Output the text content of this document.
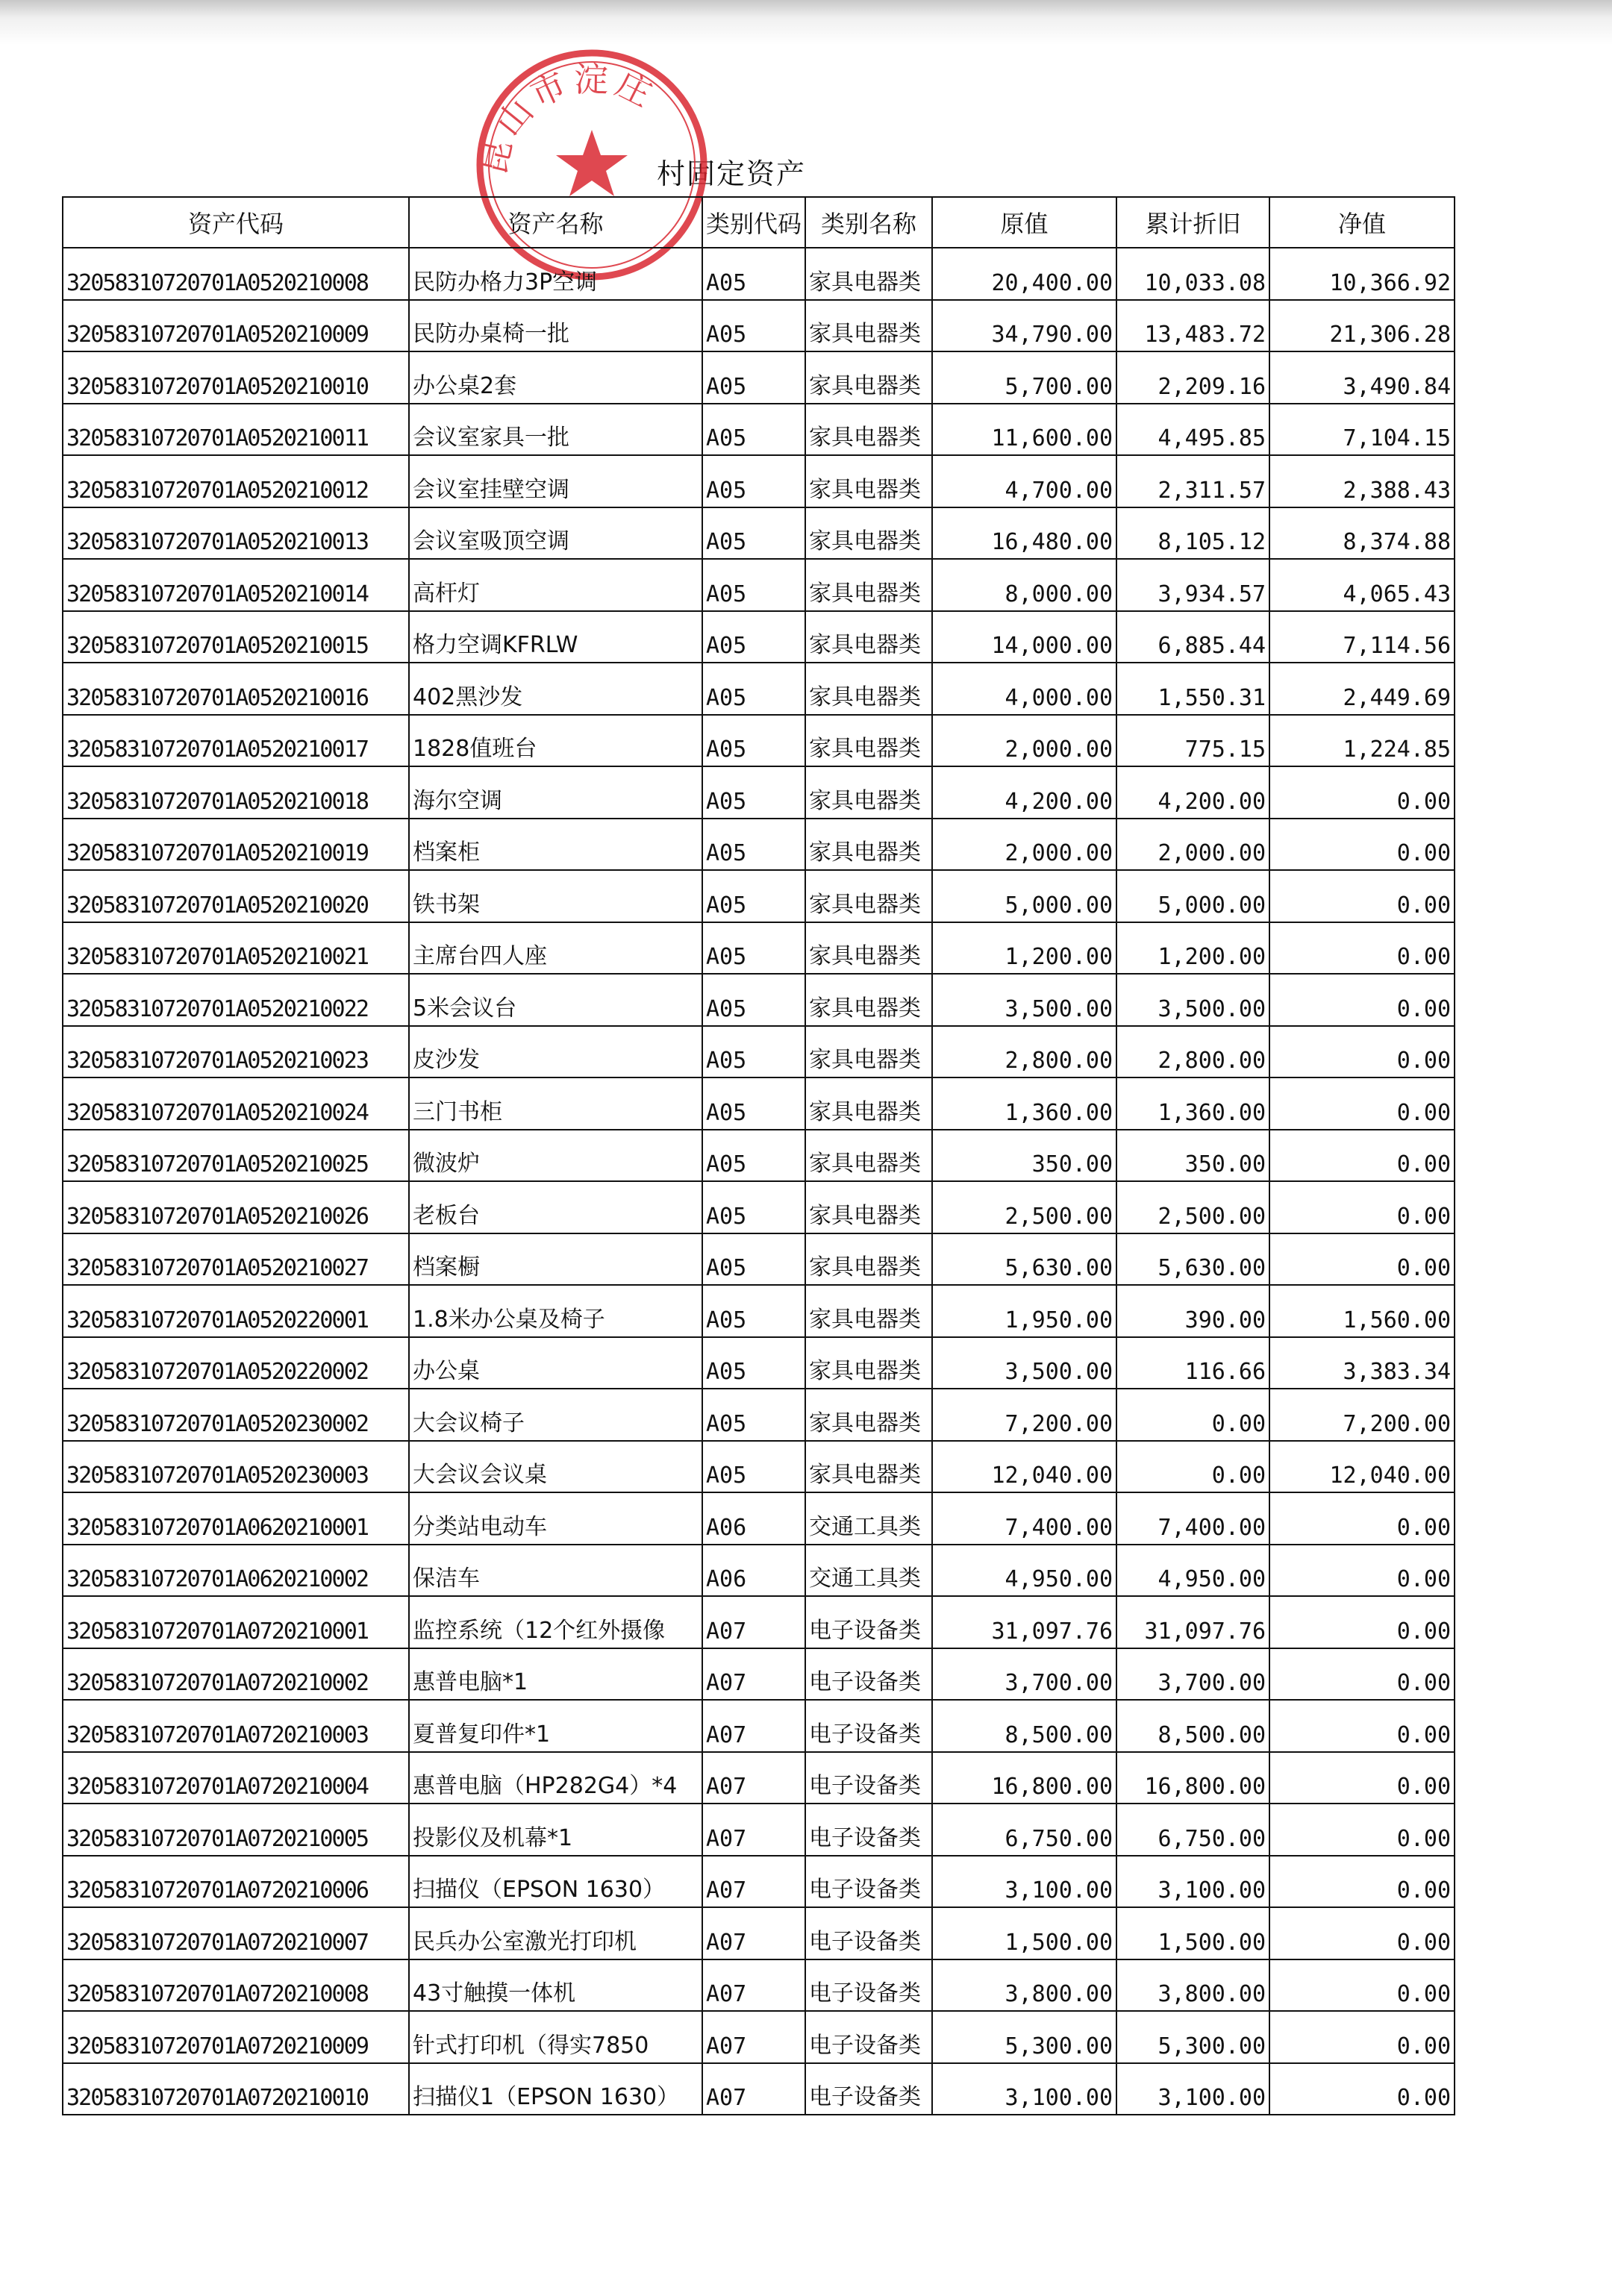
村固定资产
昆山市淀庄
资产代码	资产名称	类别代码	类别名称	原值	累计折旧	净值
32058310720701A0520210008	民防办格力3P空调	A05	家具电器类	20,400.00	10,033.08	10,366.92
32058310720701A0520210009	民防办桌椅一批	A05	家具电器类	34,790.00	13,483.72	21,306.28
32058310720701A0520210010	办公桌2套	A05	家具电器类	5,700.00	2,209.16	3,490.84
32058310720701A0520210011	会议室家具一批	A05	家具电器类	11,600.00	4,495.85	7,104.15
32058310720701A0520210012	会议室挂壁空调	A05	家具电器类	4,700.00	2,311.57	2,388.43
32058310720701A0520210013	会议室吸顶空调	A05	家具电器类	16,480.00	8,105.12	8,374.88
32058310720701A0520210014	高杆灯	A05	家具电器类	8,000.00	3,934.57	4,065.43
32058310720701A0520210015	格力空调KFRLW	A05	家具电器类	14,000.00	6,885.44	7,114.56
32058310720701A0520210016	402黑沙发	A05	家具电器类	4,000.00	1,550.31	2,449.69
32058310720701A0520210017	1828值班台	A05	家具电器类	2,000.00	775.15	1,224.85
32058310720701A0520210018	海尔空调	A05	家具电器类	4,200.00	4,200.00	0.00
32058310720701A0520210019	档案柜	A05	家具电器类	2,000.00	2,000.00	0.00
32058310720701A0520210020	铁书架	A05	家具电器类	5,000.00	5,000.00	0.00
32058310720701A0520210021	主席台四人座	A05	家具电器类	1,200.00	1,200.00	0.00
32058310720701A0520210022	5米会议台	A05	家具电器类	3,500.00	3,500.00	0.00
32058310720701A0520210023	皮沙发	A05	家具电器类	2,800.00	2,800.00	0.00
32058310720701A0520210024	三门书柜	A05	家具电器类	1,360.00	1,360.00	0.00
32058310720701A0520210025	微波炉	A05	家具电器类	350.00	350.00	0.00
32058310720701A0520210026	老板台	A05	家具电器类	2,500.00	2,500.00	0.00
32058310720701A0520210027	档案橱	A05	家具电器类	5,630.00	5,630.00	0.00
32058310720701A0520220001	1.8米办公桌及椅子	A05	家具电器类	1,950.00	390.00	1,560.00
32058310720701A0520220002	办公桌	A05	家具电器类	3,500.00	116.66	3,383.34
32058310720701A0520230002	大会议椅子	A05	家具电器类	7,200.00	0.00	7,200.00
32058310720701A0520230003	大会议会议桌	A05	家具电器类	12,040.00	0.00	12,040.00
32058310720701A0620210001	分类站电动车	A06	交通工具类	7,400.00	7,400.00	0.00
32058310720701A0620210002	保洁车	A06	交通工具类	4,950.00	4,950.00	0.00
32058310720701A0720210001	监控系统（12个红外摄像	A07	电子设备类	31,097.76	31,097.76	0.00
32058310720701A0720210002	惠普电脑*1	A07	电子设备类	3,700.00	3,700.00	0.00
32058310720701A0720210003	夏普复印件*1	A07	电子设备类	8,500.00	8,500.00	0.00
32058310720701A0720210004	惠普电脑（HP282G4）*4	A07	电子设备类	16,800.00	16,800.00	0.00
32058310720701A0720210005	投影仪及机幕*1	A07	电子设备类	6,750.00	6,750.00	0.00
32058310720701A0720210006	扫描仪（EPSON 1630）	A07	电子设备类	3,100.00	3,100.00	0.00
32058310720701A0720210007	民兵办公室激光打印机	A07	电子设备类	1,500.00	1,500.00	0.00
32058310720701A0720210008	43寸触摸一体机	A07	电子设备类	3,800.00	3,800.00	0.00
32058310720701A0720210009	针式打印机（得实7850	A07	电子设备类	5,300.00	5,300.00	0.00
32058310720701A0720210010	扫描仪1（EPSON 1630）	A07	电子设备类	3,100.00	3,100.00	0.00
